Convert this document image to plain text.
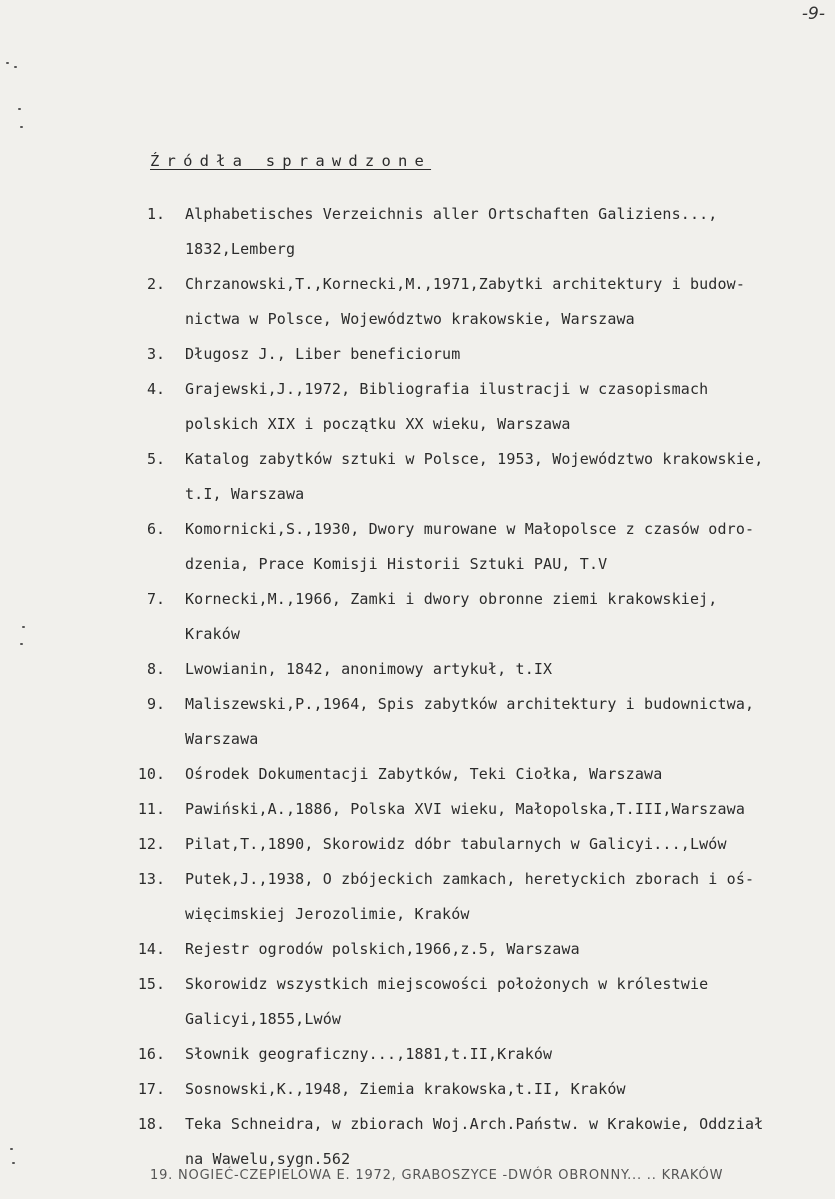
-9-
Źródła sprawdzone
1. Alphabetisches Verzeichnis aller Ortschaften Galiziens...,
1832,Lemberg
2. Chrzanowski,T.,Kornecki,M.,1971,Zabytki architektury i budow-
nictwa w Polsce, Województwo krakowskie, Warszawa
3. Długosz J., Liber beneficiorum
4. Grajewski,J.,1972, Bibliografia ilustracji w czasopismach
polskich XIX i początku XX wieku, Warszawa
5. Katalog zabytków sztuki w Polsce, 1953, Województwo krakowskie,
t.I, Warszawa
6. Komornicki,S.,1930, Dwory murowane w Małopolsce z czasów odro-
dzenia, Prace Komisji Historii Sztuki PAU, T.V
7. Kornecki,M.,1966, Zamki i dwory obronne ziemi krakowskiej,
Kraków
8. Lwowianin, 1842, anonimowy artykuł, t.IX
9. Maliszewski,P.,1964, Spis zabytków architektury i budownictwa,
Warszawa
10. Ośrodek Dokumentacji Zabytków, Teki Ciołka, Warszawa
11. Pawiński,A.,1886, Polska XVI wieku, Małopolska,T.III,Warszawa
12. Pilat,T.,1890, Skorowidz dóbr tabularnych w Galicyi...,Lwów
13. Putek,J.,1938, O zbójeckich zamkach, heretyckich zborach i oś-
więcimskiej Jerozolimie, Kraków
14. Rejestr ogrodów polskich,1966,z.5, Warszawa
15. Skorowidz wszystkich miejscowości położonych w królestwie
Galicyi,1855,Lwów
16. Słownik geograficzny...,1881,t.II,Kraków
17. Sosnowski,K.,1948, Ziemia krakowska,t.II, Kraków
18. Teka Schneidra, w zbiorach Woj.Arch.Państw. w Krakowie, Oddział
na Wawelu,sygn.562
19. NOGIEĆ-CZEPIELOWA E. 1972, GRABOSZYCE -DWÓR OBRONNY... .. KRAKÓW
